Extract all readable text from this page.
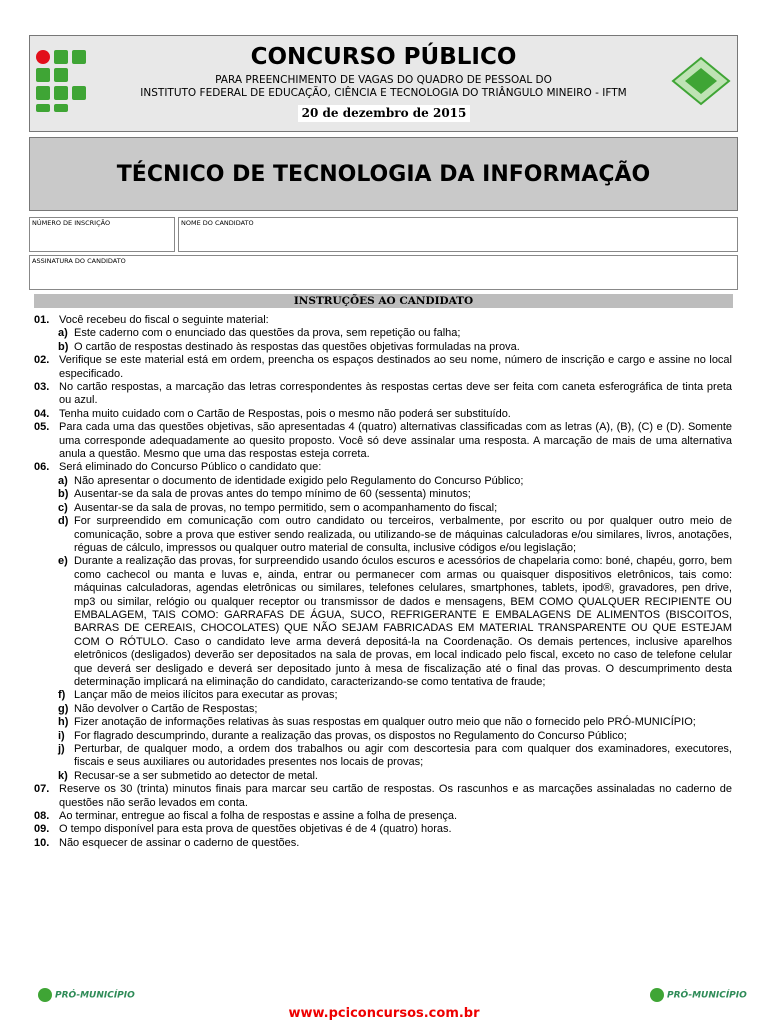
CONCURSO PÚBLICO
PARA PREENCHIMENTO DE VAGAS DO QUADRO DE PESSOAL DO
INSTITUTO FEDERAL DE EDUCAÇÃO, CIÊNCIA E TECNOLOGIA DO TRIÂNGULO MINEIRO - IFTM
20 de dezembro de 2015
TÉCNICO DE TECNOLOGIA DA INFORMAÇÃO
NÚMERO DE INSCRIÇÃO	NOME DO CANDIDATO
ASSINATURA DO CANDIDATO
INSTRUÇÕES AO CANDIDATO
01. Você recebeu do fiscal o seguinte material:
a) Este caderno com o enunciado das questões da prova, sem repetição ou falha;
b) O cartão de respostas destinado às respostas das questões objetivas formuladas na prova.
02. Verifique se este material está em ordem, preencha os espaços destinados ao seu nome, número de inscrição e cargo e assine no local especificado.
03. No cartão respostas, a marcação das letras correspondentes às respostas certas deve ser feita com caneta esferográfica de tinta preta ou azul.
04. Tenha muito cuidado com o Cartão de Respostas, pois o mesmo não poderá ser substituído.
05. Para cada uma das questões objetivas, são apresentadas 4 (quatro) alternativas classificadas com as letras (A), (B), (C) e (D). Somente uma corresponde adequadamente ao quesito proposto. Você só deve assinalar uma resposta. A marcação de mais de uma alternativa anula a questão. Mesmo que uma das respostas esteja correta.
06. Será eliminado do Concurso Público o candidato que:
a) Não apresentar o documento de identidade exigido pelo Regulamento do Concurso Público;
b) Ausentar-se da sala de provas antes do tempo mínimo de 60 (sessenta) minutos;
c) Ausentar-se da sala de provas, no tempo permitido, sem o acompanhamento do fiscal;
d) For surpreendido em comunicação com outro candidato ou terceiros, verbalmente, por escrito ou por qualquer outro meio de comunicação, sobre a prova que estiver sendo realizada, ou utilizando-se de máquinas calculadoras e/ou similares, livros, anotações, réguas de cálculo, impressos ou qualquer outro material de consulta, inclusive códigos e/ou legislação;
e) Durante a realização das provas, for surpreendido usando óculos escuros e acessórios de chapelaria como: boné, chapéu, gorro, bem como cachecol ou manta e luvas e, ainda, entrar ou permanecer com armas ou quaisquer dispositivos eletrônicos, tais como: máquinas calculadoras, agendas eletrônicas ou similares, telefones celulares, smartphones, tablets, ipod®, gravadores, pen drive, mp3 ou similar, relógio ou qualquer receptor ou transmissor de dados e mensagens, BEM COMO QUALQUER RECIPIENTE OU EMBALAGEM, TAIS COMO: GARRAFAS DE ÁGUA, SUCO, REFRIGERANTE E EMBALAGENS DE ALIMENTOS (BISCOITOS, BARRAS DE CEREAIS, CHOCOLATES) QUE NÃO SEJAM FABRICADAS EM MATERIAL TRANSPARENTE OU QUE ESTEJAM COM O RÓTULO. Caso o candidato leve arma deverá depositá-la na Coordenação. Os demais pertences, inclusive aparelhos eletrônicos (desligados) deverão ser depositados na sala de provas, em local indicado pelo fiscal, exceto no caso de telefone celular que deverá ser desligado e deverá ser depositado junto à mesa de fiscalização até o final das provas. O descumprimento desta determinação implicará na eliminação do candidato, caracterizando-se como tentativa de fraude;
f) Lançar mão de meios ilícitos para executar as provas;
g) Não devolver o Cartão de Respostas;
h) Fizer anotação de informações relativas às suas respostas em qualquer outro meio que não o fornecido pelo PRÓ-MUNICÍPIO;
i) For flagrado descumprindo, durante a realização das provas, os dispostos no Regulamento do Concurso Público;
j) Perturbar, de qualquer modo, a ordem dos trabalhos ou agir com descortesia para com qualquer dos examinadores, executores, fiscais e seus auxiliares ou autoridades presentes nos locais de provas;
k) Recusar-se a ser submetido ao detector de metal.
07. Reserve os 30 (trinta) minutos finais para marcar seu cartão de respostas. Os rascunhos e as marcações assinaladas no caderno de questões não serão levados em conta.
08. Ao terminar, entregue ao fiscal a folha de respostas e assine a folha de presença.
09. O tempo disponível para esta prova de questões objetivas é de 4 (quatro) horas.
10. Não esquecer de assinar o caderno de questões.
PRÓ-MUNICÍPIO	PRÓ-MUNICÍPIO
www.pciconcursos.com.br
